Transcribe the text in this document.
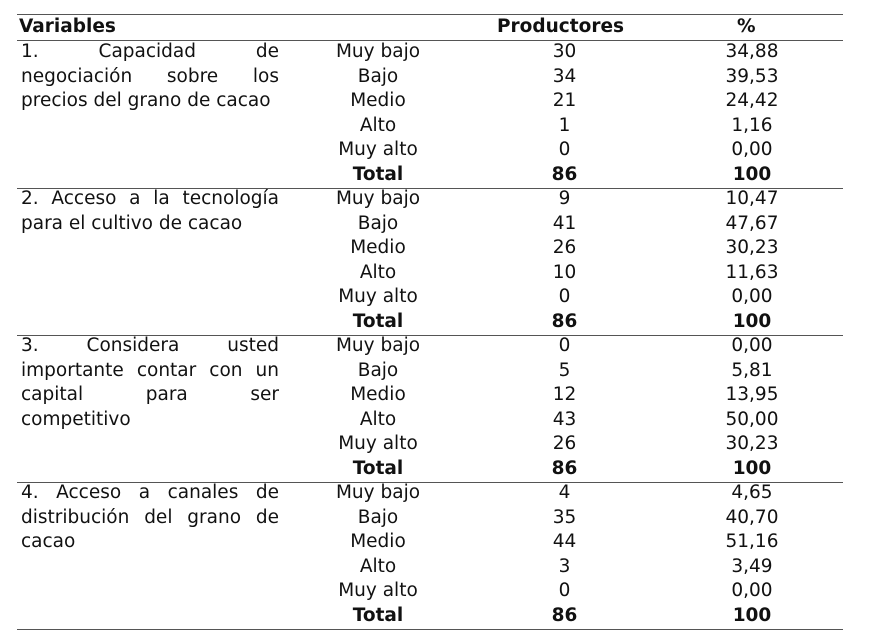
Variables	Productores	%
1. Capacidad de negociación sobre los precios del grano de cacao
Muy bajo	30	34,88
Bajo	34	39,53
Medio	21	24,42
Alto	1	1,16
Muy alto	0	0,00
Total	86	100
2. Acceso a la tecnología para el cultivo de cacao
Muy bajo	9	10,47
Bajo	41	47,67
Medio	26	30,23
Alto	10	11,63
Muy alto	0	0,00
Total	86	100
3. Considera usted importante contar con un capital para ser competitivo
Muy bajo	0	0,00
Bajo	5	5,81
Medio	12	13,95
Alto	43	50,00
Muy alto	26	30,23
Total	86	100
4. Acceso a canales de distribución del grano de cacao
Muy bajo	4	4,65
Bajo	35	40,70
Medio	44	51,16
Alto	3	3,49
Muy alto	0	0,00
Total	86	100
